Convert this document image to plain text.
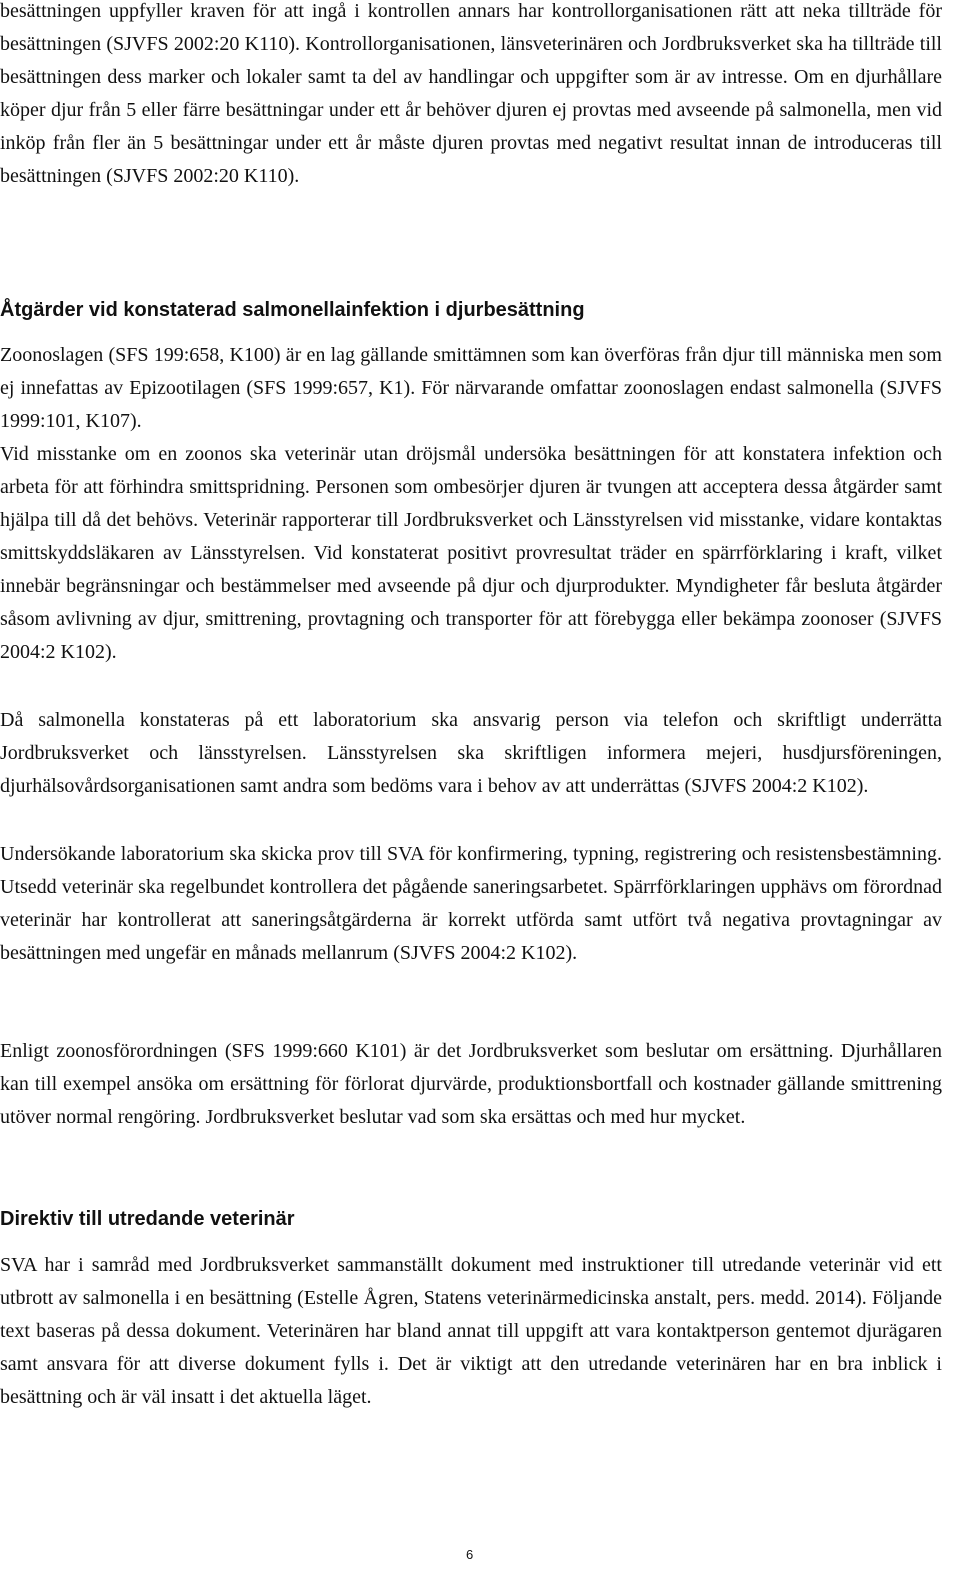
besättningen uppfyller kraven för att ingå i kontrollen annars har kontrollorganisationen rätt att neka tillträde för besättningen (SJVFS 2002:20 K110). Kontrollorganisationen, länsveterinären och Jordbruksverket ska ha tillträde till besättningen dess marker och lokaler samt ta del av handlingar och uppgifter som är av intresse. Om en djurhållare köper djur från 5 eller färre besättningar under ett år behöver djuren ej provtas med avseende på salmonella, men vid inköp från fler än 5 besättningar under ett år måste djuren provtas med negativt resultat innan de introduceras till besättningen (SJVFS 2002:20 K110).

Åtgärder vid konstaterad salmonellainfektion i djurbesättning

Zoonoslagen (SFS 199:658, K100) är en lag gällande smittämnen som kan överföras från djur till människa men som ej innefattas av Epizootilagen (SFS 1999:657, K1). För närvarande omfattar zoonoslagen endast salmonella (SJVFS 1999:101, K107).

Vid misstanke om en zoonos ska veterinär utan dröjsmål undersöka besättningen för att konstatera infektion och arbeta för att förhindra smittspridning. Personen som ombesörjer djuren är tvungen att acceptera dessa åtgärder samt hjälpa till då det behövs. Veterinär rapporterar till Jordbruksverket och Länsstyrelsen vid misstanke, vidare kontaktas smittskyddsläkaren av Länsstyrelsen. Vid konstaterat positivt provresultat träder en spärrförklaring i kraft, vilket innebär begränsningar och bestämmelser med avseende på djur och djurprodukter. Myndigheter får besluta åtgärder såsom avlivning av djur, smittrening, provtagning och transporter för att förebygga eller bekämpa zoonoser (SJVFS 2004:2 K102).

Då salmonella konstateras på ett laboratorium ska ansvarig person via telefon och skriftligt underrätta Jordbruksverket och länsstyrelsen. Länsstyrelsen ska skriftligen informera mejeri, husdjursföreningen, djurhälsovårdsorganisationen samt andra som bedöms vara i behov av att underrättas (SJVFS 2004:2 K102).

Undersökande laboratorium ska skicka prov till SVA för konfirmering, typning, registrering och resistensbestämning. Utsedd veterinär ska regelbundet kontrollera det pågående saneringsarbetet. Spärrförklaringen upphävs om förordnad veterinär har kontrollerat att saneringsåtgärderna är korrekt utförda samt utfört två negativa provtagningar av besättningen med ungefär en månads mellanrum (SJVFS 2004:2 K102).

Enligt zoonosförordningen (SFS 1999:660 K101) är det Jordbruksverket som beslutar om ersättning. Djurhållaren kan till exempel ansöka om ersättning för förlorat djurvärde, produktionsbortfall och kostnader gällande smittrening utöver normal rengöring. Jordbruksverket beslutar vad som ska ersättas och med hur mycket.

Direktiv till utredande veterinär

SVA har i samråd med Jordbruksverket sammanställt dokument med instruktioner till utredande veterinär vid ett utbrott av salmonella i en besättning (Estelle Ågren, Statens veterinärmedicinska anstalt, pers. medd. 2014). Följande text baseras på dessa dokument. Veterinären har bland annat till uppgift att vara kontaktperson gentemot djurägaren samt ansvara för att diverse dokument fylls i. Det är viktigt att den utredande veterinären har en bra inblick i besättning och är väl insatt i det aktuella läget.

6
